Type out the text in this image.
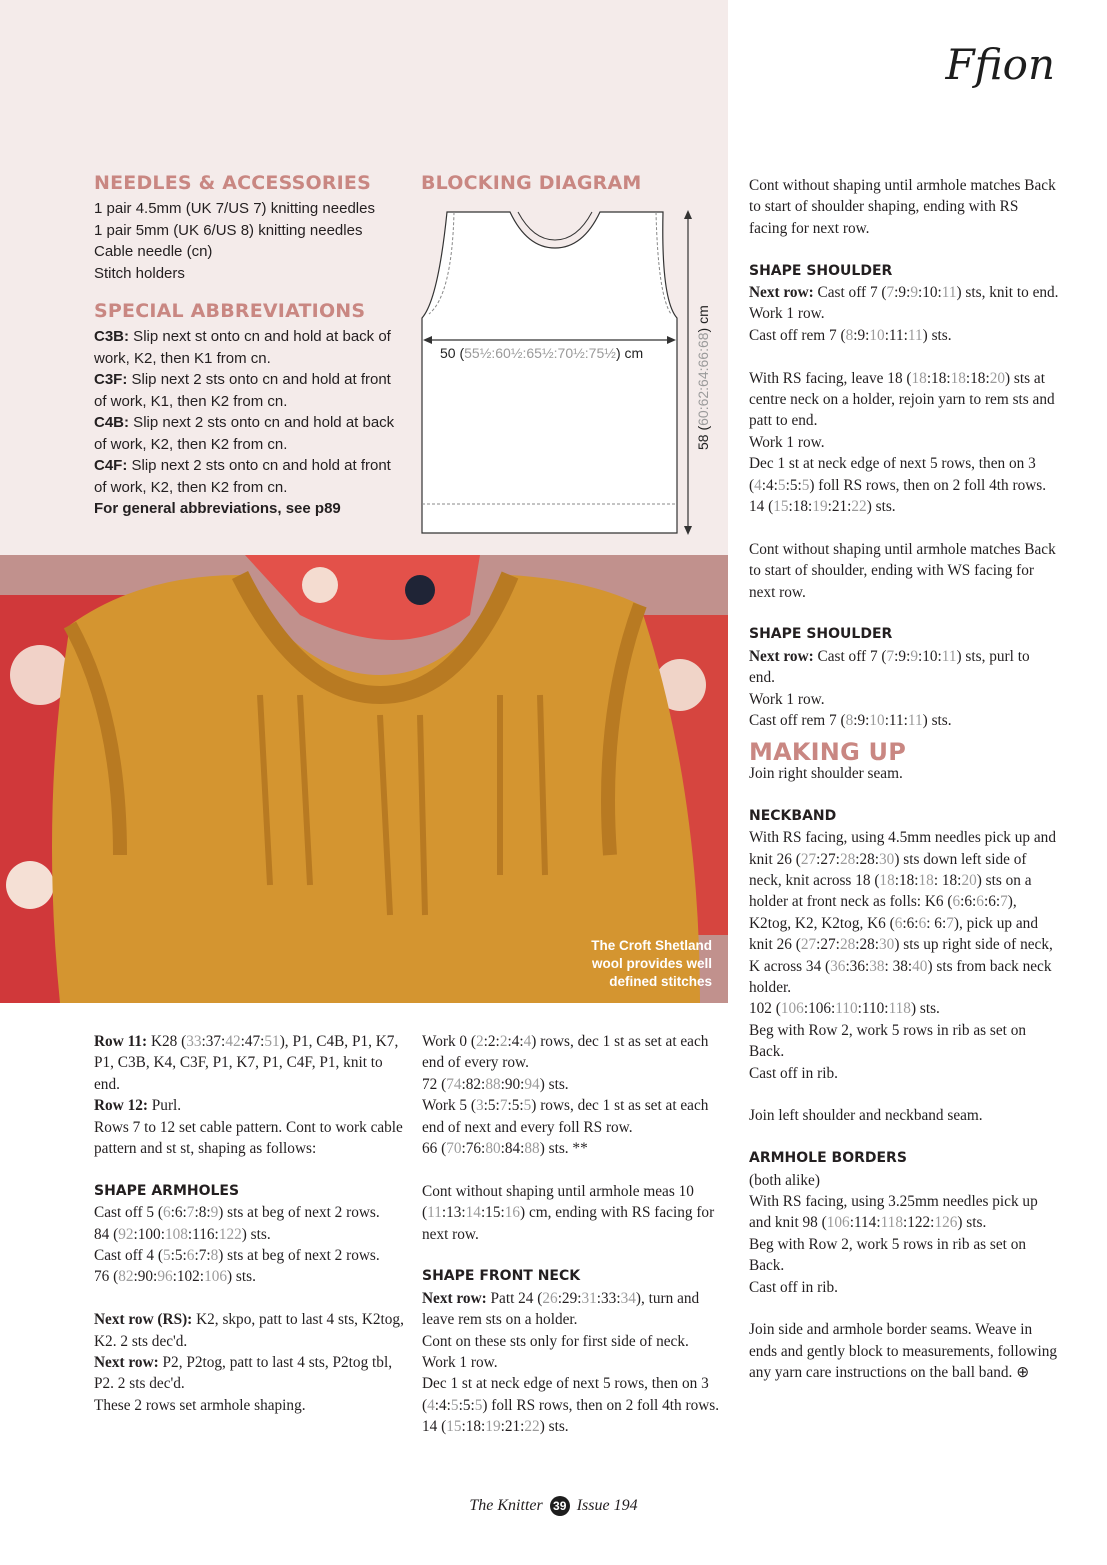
Ffion
NEEDLES & ACCESSORIES
1 pair 4.5mm (UK 7/US 7) knitting needles
1 pair 5mm (UK 6/US 8) knitting needles
Cable needle (cn)
Stitch holders
SPECIAL ABBREVIATIONS
C3B: Slip next st onto cn and hold at back of work, K2, then K1 from cn.
C3F: Slip next 2 sts onto cn and hold at front of work, K1, then K2 from cn.
C4B: Slip next 2 sts onto cn and hold at back of work, K2, then K2 from cn.
C4F: Slip next 2 sts onto cn and hold at front of work, K2, then K2 from cn.
For general abbreviations, see p89
BLOCKING DIAGRAM
50 (55½:60½:65½:70½:75½) cm
58 (60:62:64:66:68) cm
The Croft Shetland
wool provides well
defined stitches

Row 11: K28 (33:37:42:47:51), P1, C4B, P1, K7, P1, C3B, K4, C3F, P1, K7, P1, C4F, P1, knit to end.

Row 12: Purl.

Rows 7 to 12 set cable pattern. Cont to work cable pattern and st st, shaping as follows:

SHAPE ARMHOLES

Cast off 5 (6:6:7:8:9) sts at beg of next 2 rows.

84 (92:100:108:116:122) sts.

Cast off 4 (5:5:6:7:8) sts at beg of next 2 rows.

76 (82:90:96:102:106) sts.

Next row (RS): K2, skpo, patt to last 4 sts, K2tog, K2. 2 sts dec'd.

Next row: P2, P2tog, patt to last 4 sts, P2tog tbl, P2. 2 sts dec'd.

These 2 rows set armhole shaping.

Work 0 (2:2:2:4:4) rows, dec 1 st as set at each end of every row.

72 (74:82:88:90:94) sts.

Work 5 (3:5:7:5:5) rows, dec 1 st as set at each end of next and every foll RS row.

66 (70:76:80:84:88) sts. **

Cont without shaping until armhole meas 10 (11:13:14:15:16) cm, ending with RS facing for next row.

SHAPE FRONT NECK

Next row: Patt 24 (26:29:31:33:34), turn and leave rem sts on a holder.

Cont on these sts only for first side of neck.

Work 1 row.

Dec 1 st at neck edge of next 5 rows, then on 3 (4:4:5:5:5) foll RS rows, then on 2 foll 4th rows.

14 (15:18:19:21:22) sts.

Cont without shaping until armhole matches Back to start of shoulder shaping, ending with RS facing for next row.

SHAPE SHOULDER

Next row: Cast off 7 (7:9:9:10:11) sts, knit to end.

Work 1 row.

Cast off rem 7 (8:9:10:11:11) sts.

With RS facing, leave 18 (18:18:18:18:20) sts at centre neck on a holder, rejoin yarn to rem sts and patt to end.

Work 1 row.

Dec 1 st at neck edge of next 5 rows, then on 3 (4:4:5:5:5) foll RS rows, then on 2 foll 4th rows.

14 (15:18:19:21:22) sts.

Cont without shaping until armhole matches Back to start of shoulder, ending with WS facing for next row.

SHAPE SHOULDER

Next row: Cast off 7 (7:9:9:10:11) sts, purl to end.

Work 1 row.

Cast off rem 7 (8:9:10:11:11) sts.

MAKING UP

Join right shoulder seam.

NECKBAND

With RS facing, using 4.5mm needles pick up and knit 26 (27:27:28:28:30) sts down left side of neck, knit across 18 (18:18:18: 18:20) sts on a holder at front neck as folls: K6 (6:6:6:6:7), K2tog, K2, K2tog, K6 (6:6:6: 6:7), pick up and knit 26 (27:27:28:28:30) sts up right side of neck, K across 34 (36:36:38: 38:40) sts from back neck holder.

102 (106:106:110:110:118) sts.

Beg with Row 2, work 5 rows in rib as set on Back.

Cast off in rib.

Join left shoulder and neckband seam.

ARMHOLE BORDERS

(both alike)

With RS facing, using 3.25mm needles pick up and knit 98 (106:114:118:122:126) sts.

Beg with Row 2, work 5 rows in rib as set on Back.

Cast off in rib.

Join side and armhole border seams. Weave in ends and gently block to measurements, following any yarn care instructions on the ball band. ⊕

The Knitter 39 Issue 194
